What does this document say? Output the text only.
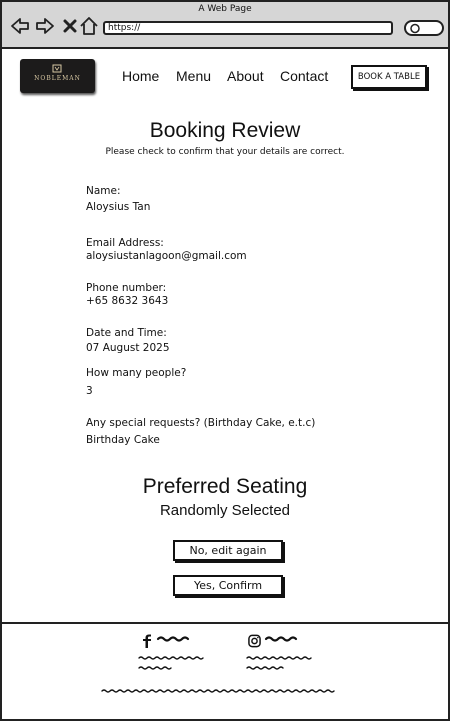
A Web Page
https://
NOBLEMAN	Home Menu About Contact	BOOK A TABLE
Booking Review
Please check to confirm that your details are correct.
Name:
Aloysius Tan
Email Address:
aloysiustanlagoon@gmail.com
Phone number:
+65 8632 3643
Date and Time:
07 August 2025
How many people?
3
Any special requests? (Birthday Cake, e.t.c)
Birthday Cake
Preferred Seating
Randomly Selected
No, edit again
Yes, Confirm
